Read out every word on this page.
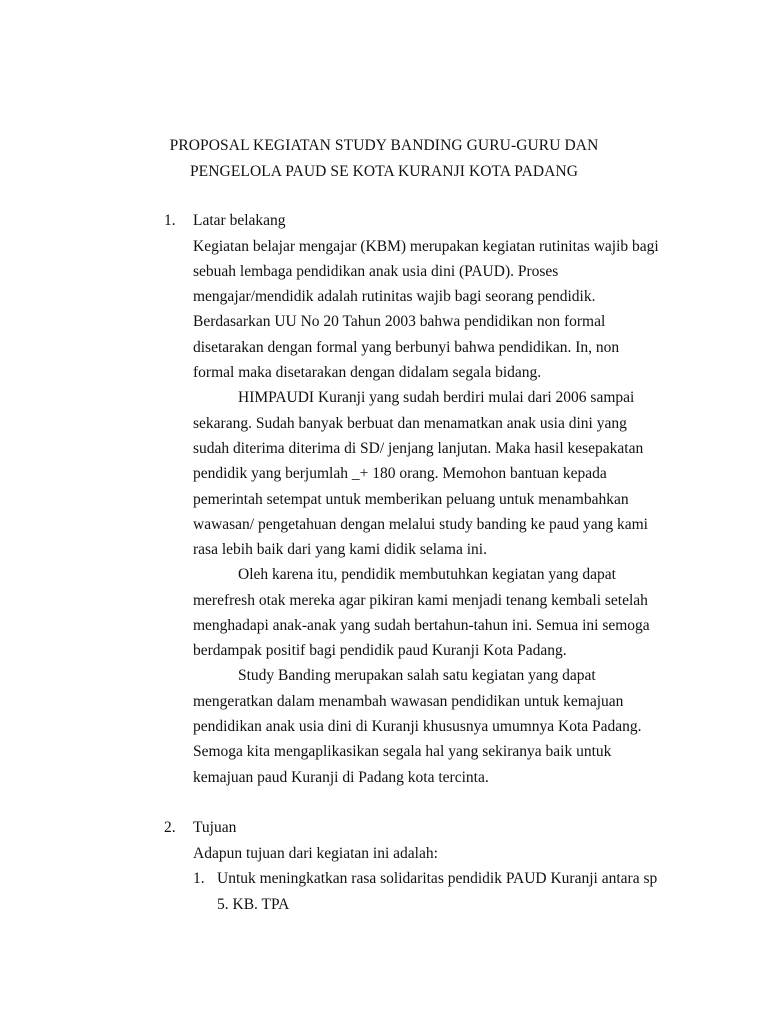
PROPOSAL KEGIATAN STUDY BANDING GURU-GURU DAN
PENGELOLA PAUD SE KOTA KURANJI KOTA PADANG
1. Latar belakang
Kegiatan belajar mengajar (KBM) merupakan kegiatan rutinitas wajib bagi
sebuah lembaga pendidikan anak usia dini (PAUD). Proses
mengajar/mendidik adalah rutinitas wajib bagi seorang pendidik.
Berdasarkan UU No 20 Tahun 2003 bahwa pendidikan non formal
disetarakan dengan formal yang berbunyi bahwa pendidikan. In, non
formal maka disetarakan dengan didalam segala bidang.
HIMPAUDI Kuranji yang sudah berdiri mulai dari 2006 sampai
sekarang. Sudah banyak berbuat dan menamatkan anak usia dini yang
sudah diterima diterima di SD/ jenjang lanjutan. Maka hasil kesepakatan
pendidik yang berjumlah _+ 180 orang. Memohon bantuan kepada
pemerintah setempat untuk memberikan peluang untuk menambahkan
wawasan/ pengetahuan dengan melalui study banding ke paud yang kami
rasa lebih baik dari yang kami didik selama ini.
Oleh karena itu, pendidik membutuhkan kegiatan yang dapat
merefresh otak mereka agar pikiran kami menjadi tenang kembali setelah
menghadapi anak-anak yang sudah bertahun-tahun ini. Semua ini semoga
berdampak positif bagi pendidik paud Kuranji Kota Padang.
Study Banding merupakan salah satu kegiatan yang dapat
mengeratkan dalam menambah wawasan pendidikan untuk kemajuan
pendidikan anak usia dini di Kuranji khususnya umumnya Kota Padang.
Semoga kita mengaplikasikan segala hal yang sekiranya baik untuk
kemajuan paud Kuranji di Padang kota tercinta.
2. Tujuan
Adapun tujuan dari kegiatan ini adalah:
1. Untuk meningkatkan rasa solidaritas pendidik PAUD Kuranji antara sp
5. KB. TPA
